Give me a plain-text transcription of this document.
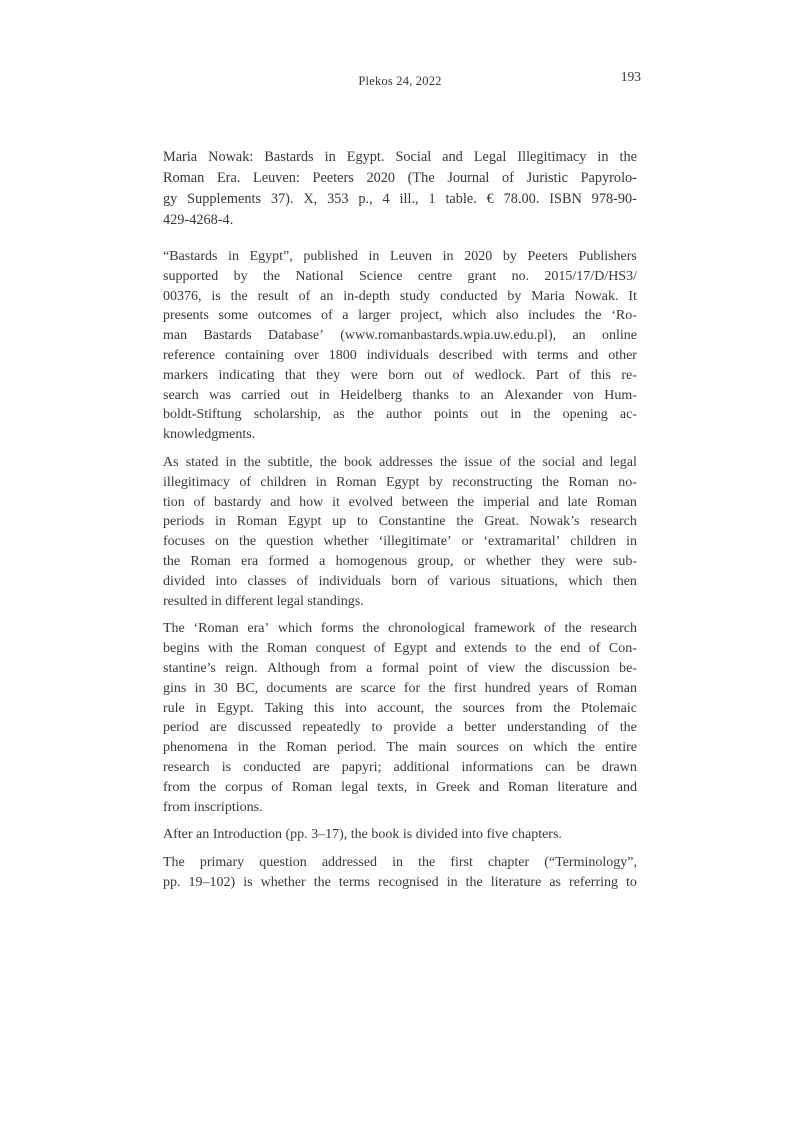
Plekos 24, 2022	193
Maria Nowak: Bastards in Egypt. Social and Legal Illegitimacy in the
Roman Era. Leuven: Peeters 2020 (The Journal of Juristic Papyrolo-
gy Supplements 37). X, 353 p., 4 ill., 1 table. € 78.00. ISBN 978-90-
429-4268-4.
“Bastards in Egypt”, published in Leuven in 2020 by Peeters Publishers
supported by the National Science centre grant no. 2015/17/D/HS3/
00376, is the result of an in-depth study conducted by Maria Nowak. It
presents some outcomes of a larger project, which also includes the ‘Ro-
man Bastards Database’ (www.romanbastards.wpia.uw.edu.pl), an online
reference containing over 1800 individuals described with terms and other
markers indicating that they were born out of wedlock. Part of this re-
search was carried out in Heidelberg thanks to an Alexander von Hum-
boldt-Stiftung scholarship, as the author points out in the opening ac-
knowledgments.
As stated in the subtitle, the book addresses the issue of the social and legal
illegitimacy of children in Roman Egypt by reconstructing the Roman no-
tion of bastardy and how it evolved between the imperial and late Roman
periods in Roman Egypt up to Constantine the Great. Nowak’s research
focuses on the question whether ‘illegitimate’ or ‘extramarital’ children in
the Roman era formed a homogenous group, or whether they were sub-
divided into classes of individuals born of various situations, which then
resulted in different legal standings.
The ‘Roman era’ which forms the chronological framework of the research
begins with the Roman conquest of Egypt and extends to the end of Con-
stantine’s reign. Although from a formal point of view the discussion be-
gins in 30 BC, documents are scarce for the first hundred years of Roman
rule in Egypt. Taking this into account, the sources from the Ptolemaic
period are discussed repeatedly to provide a better understanding of the
phenomena in the Roman period. The main sources on which the entire
research is conducted are papyri; additional informations can be drawn
from the corpus of Roman legal texts, in Greek and Roman literature and
from inscriptions.
After an Introduction (pp. 3–17), the book is divided into five chapters.
The primary question addressed in the first chapter (“Terminology”,
pp. 19–102) is whether the terms recognised in the literature as referring to
